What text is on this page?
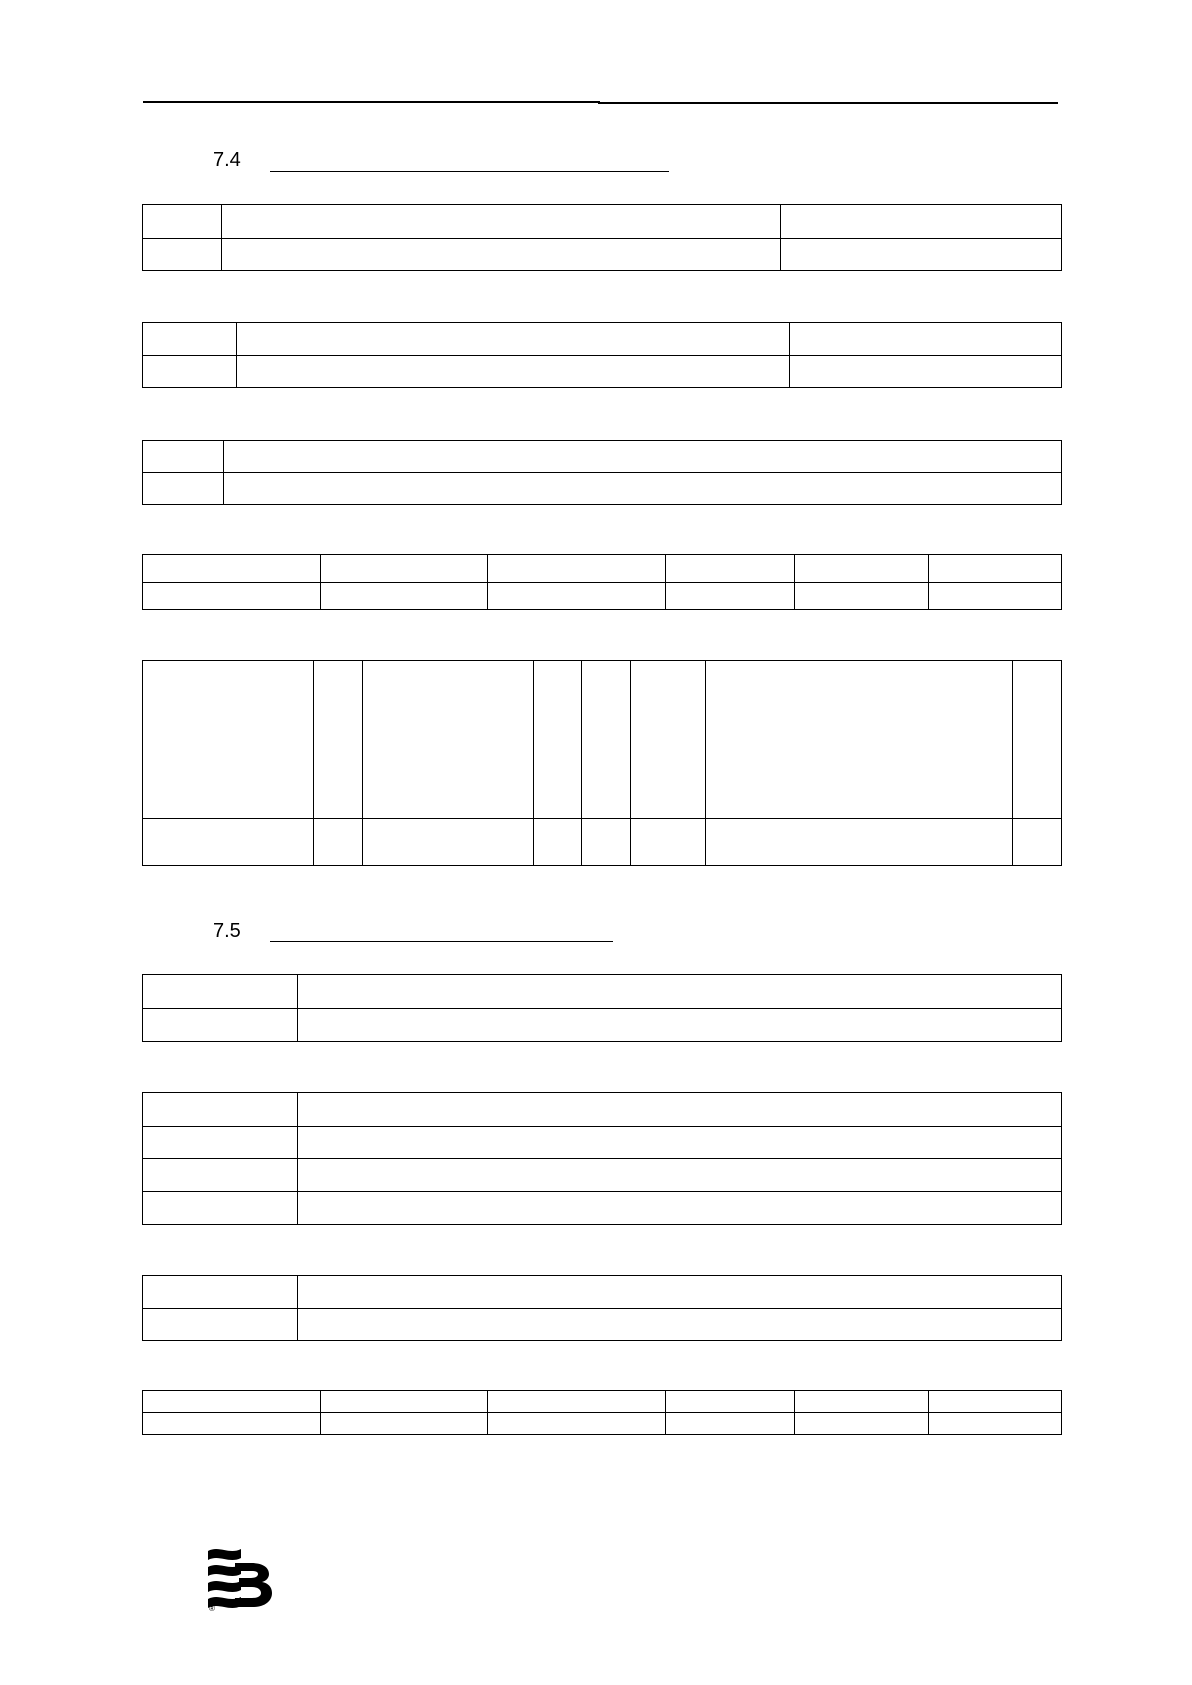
7.4

7.5

®
